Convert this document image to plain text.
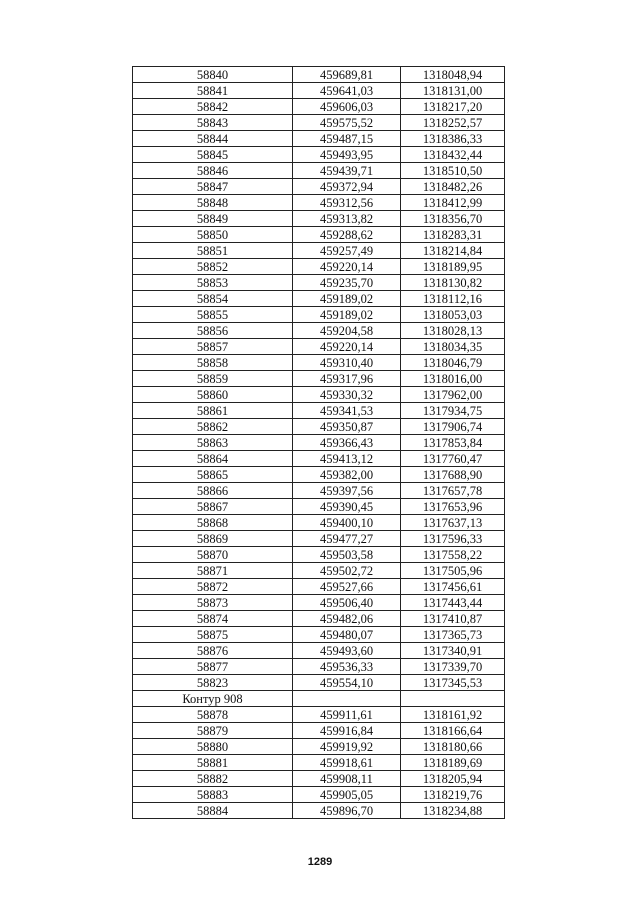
58840	459689,81	1318048,94
58841	459641,03	1318131,00
58842	459606,03	1318217,20
58843	459575,52	1318252,57
58844	459487,15	1318386,33
58845	459493,95	1318432,44
58846	459439,71	1318510,50
58847	459372,94	1318482,26
58848	459312,56	1318412,99
58849	459313,82	1318356,70
58850	459288,62	1318283,31
58851	459257,49	1318214,84
58852	459220,14	1318189,95
58853	459235,70	1318130,82
58854	459189,02	1318112,16
58855	459189,02	1318053,03
58856	459204,58	1318028,13
58857	459220,14	1318034,35
58858	459310,40	1318046,79
58859	459317,96	1318016,00
58860	459330,32	1317962,00
58861	459341,53	1317934,75
58862	459350,87	1317906,74
58863	459366,43	1317853,84
58864	459413,12	1317760,47
58865	459382,00	1317688,90
58866	459397,56	1317657,78
58867	459390,45	1317653,96
58868	459400,10	1317637,13
58869	459477,27	1317596,33
58870	459503,58	1317558,22
58871	459502,72	1317505,96
58872	459527,66	1317456,61
58873	459506,40	1317443,44
58874	459482,06	1317410,87
58875	459480,07	1317365,73
58876	459493,60	1317340,91
58877	459536,33	1317339,70
58823	459554,10	1317345,53
Контур 908		
58878	459911,61	1318161,92
58879	459916,84	1318166,64
58880	459919,92	1318180,66
58881	459918,61	1318189,69
58882	459908,11	1318205,94
58883	459905,05	1318219,76
58884	459896,70	1318234,88
1289
